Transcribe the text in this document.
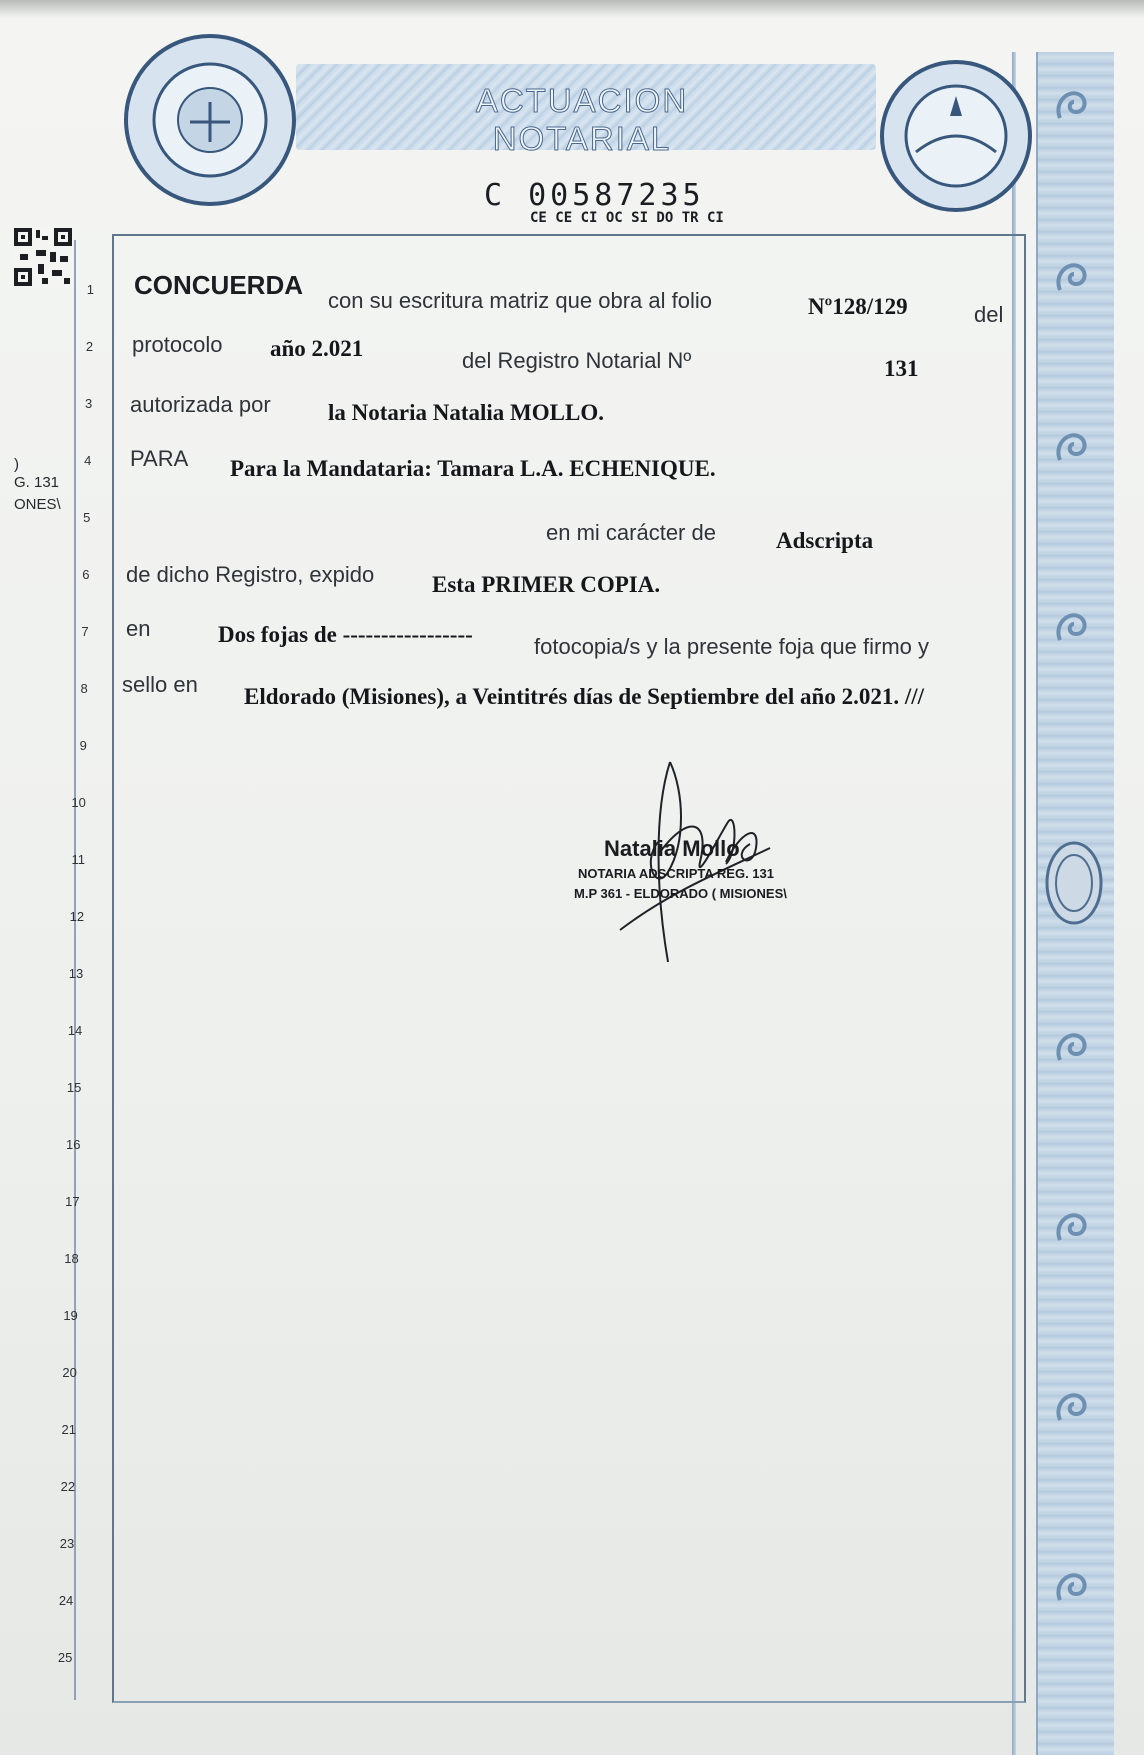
ACTUACION NOTARIAL
C 00587235
CE CE CI OC SI DO TR CI
)
G. 131
ONES\
1
2
3
4
5
6
7
8
9
10
11
12
13
14
15
16
17
18
19
20
21
22
23
24
25
CONCUERDA
con su escritura matriz que obra al folio	Nº128/129	del
protocolo año 2.021	del Registro Notarial Nº	131
autorizada por la Notaria Natalia MOLLO.
PARA Para la Mandataria: Tamara L.A. ECHENIQUE.
en mi carácter de	Adscripta
de dicho Registro, expido	Esta PRIMER COPIA.
en	Dos fojas de -----------------	fotocopia/s y la presente foja que firmo y
sello en Eldorado (Misiones), a Veintitrés días de Septiembre del año 2.021. ///
Natalia Mollo
NOTARIA ADSCRIPTA REG. 131
M.P 361 - ELDORADO ( MISIONES\
